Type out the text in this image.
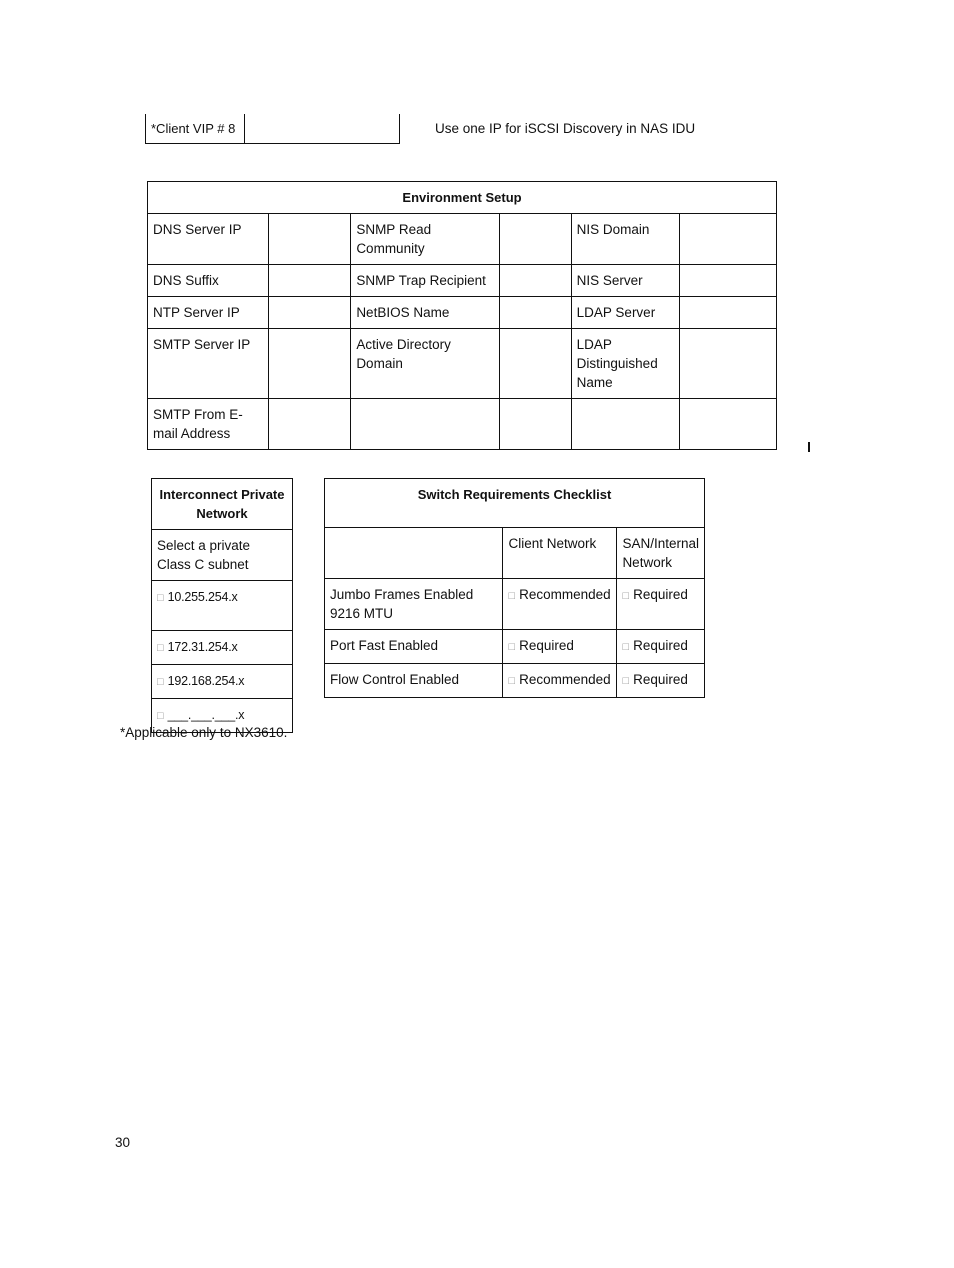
*Client VIP # 8		Use one IP for iSCSI Discovery in NAS IDU
Environment Setup					
DNS Server IP		SNMP Read Community		NIS Domain	
DNS Suffix		SNMP Trap Recipient		NIS Server	
NTP Server IP		NetBIOS Name		LDAP Server	
SMTP Server IP		Active Directory Domain		LDAP Distinguished Name	
SMTP From E-mail Address					
Interconnect Private Network
Select a private Class C subnet
□ 10.255.254.x
□ 172.31.254.x
□ 192.168.254.x
□ ___.___.___.x
Switch Requirements Checklist		
	Client Network	SAN/Internal Network
Jumbo Frames Enabled 9216 MTU	□ Recommended	□ Required
Port Fast Enabled	□ Required	□ Required
Flow Control Enabled	□ Recommended	□ Required
*Applicable only to NX3610.
30
